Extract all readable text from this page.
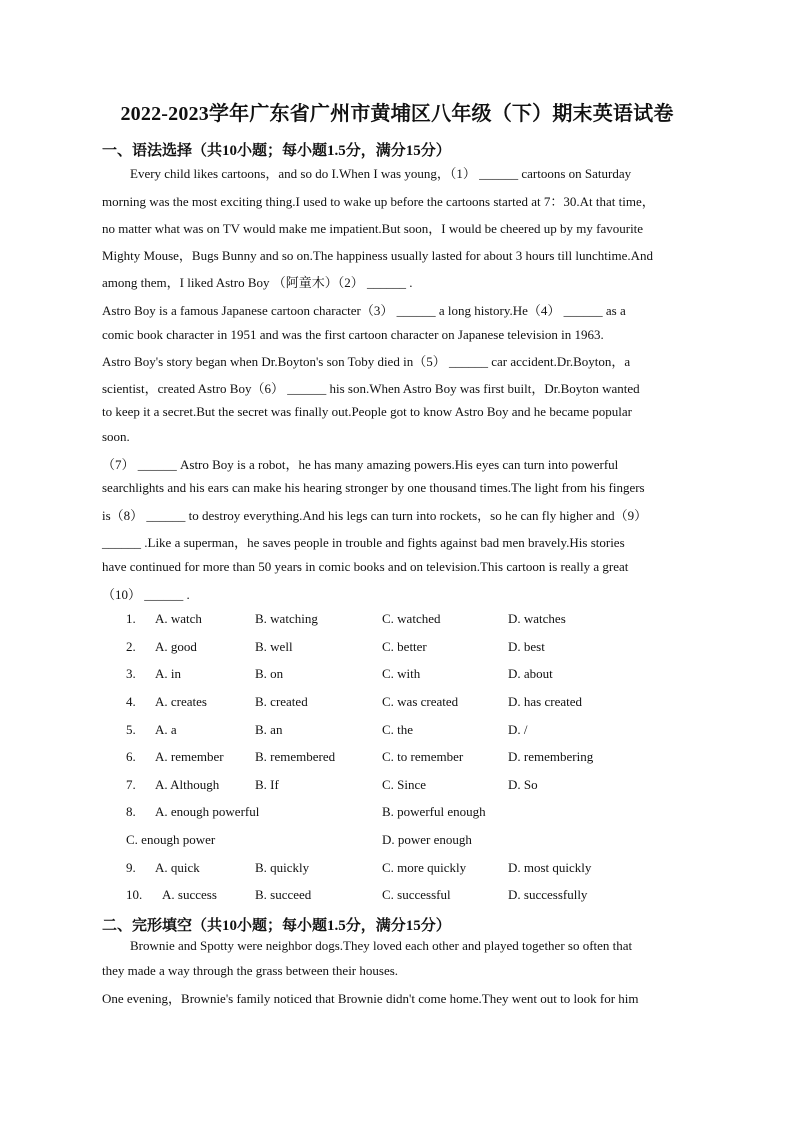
2022-2023学年广东省广州市黄埔区八年级（下）期末英语试卷
一、语法选择（共10小题；每小题1.5分，满分15分）
Every child likes cartoons，and so do I.When I was young，（1） ______ cartoons on Saturday
morning was the most exciting thing.I used to wake up before the cartoons started at 7：30.At that time，
no matter what was on TV would make me impatient.But soon，I would be cheered up by my favourite
Mighty Mouse，Bugs Bunny and so on.The happiness usually lasted for about 3 hours till lunchtime.And
among them，I liked Astro Boy （阿童木）（2） ______ .
Astro Boy is a famous Japanese cartoon character（3） ______ a long history.He（4） ______ as a
comic book character in 1951 and was the first cartoon character on Japanese television in 1963.
Astro Boy's story began when Dr.Boyton's son Toby died in（5） ______ car accident.Dr.Boyton，a
scientist，created Astro Boy（6） ______ his son.When Astro Boy was first built，Dr.Boyton wanted
to keep it a secret.But the secret was finally out.People got to know Astro Boy and he became popular
soon.
（7） ______ Astro Boy is a robot，he has many amazing powers.His eyes can turn into powerful
searchlights and his ears can make his hearing stronger by one thousand times.The light from his fingers
is（8） ______ to destroy everything.And his legs can turn into rockets，so he can fly higher and（9）
______ .Like a superman，he saves people in trouble and fights against bad men bravely.His stories
have continued for more than 50 years in comic books and on television.This cartoon is really a great
（10） ______ .
1. A. watch	B. watching	C. watched	D. watches
2. A. good	B. well	C. better	D. best
3. A. in	B. on	C. with	D. about
4. A. creates	B. created	C. was created	D. has created
5. A. a	B. an	C. the	D. /
6. A. remember B. remembered	C. to remember	D. remembering
7. A. Although	B. If	C. Since	D. So
8. A. enough powerful	B. powerful enough
C. enough power	D. power enough
9. A. quick	B. quickly	C. more quickly	D. most quickly
10. A. success	B. succeed	C. successful	D. successfully
二、完形填空（共10小题；每小题1.5分，满分15分）
Brownie and Spotty were neighbor dogs.They loved each other and played together so often that
they made a way through the grass between their houses.
One evening，Brownie's family noticed that Brownie didn't come home.They went out to look for him
